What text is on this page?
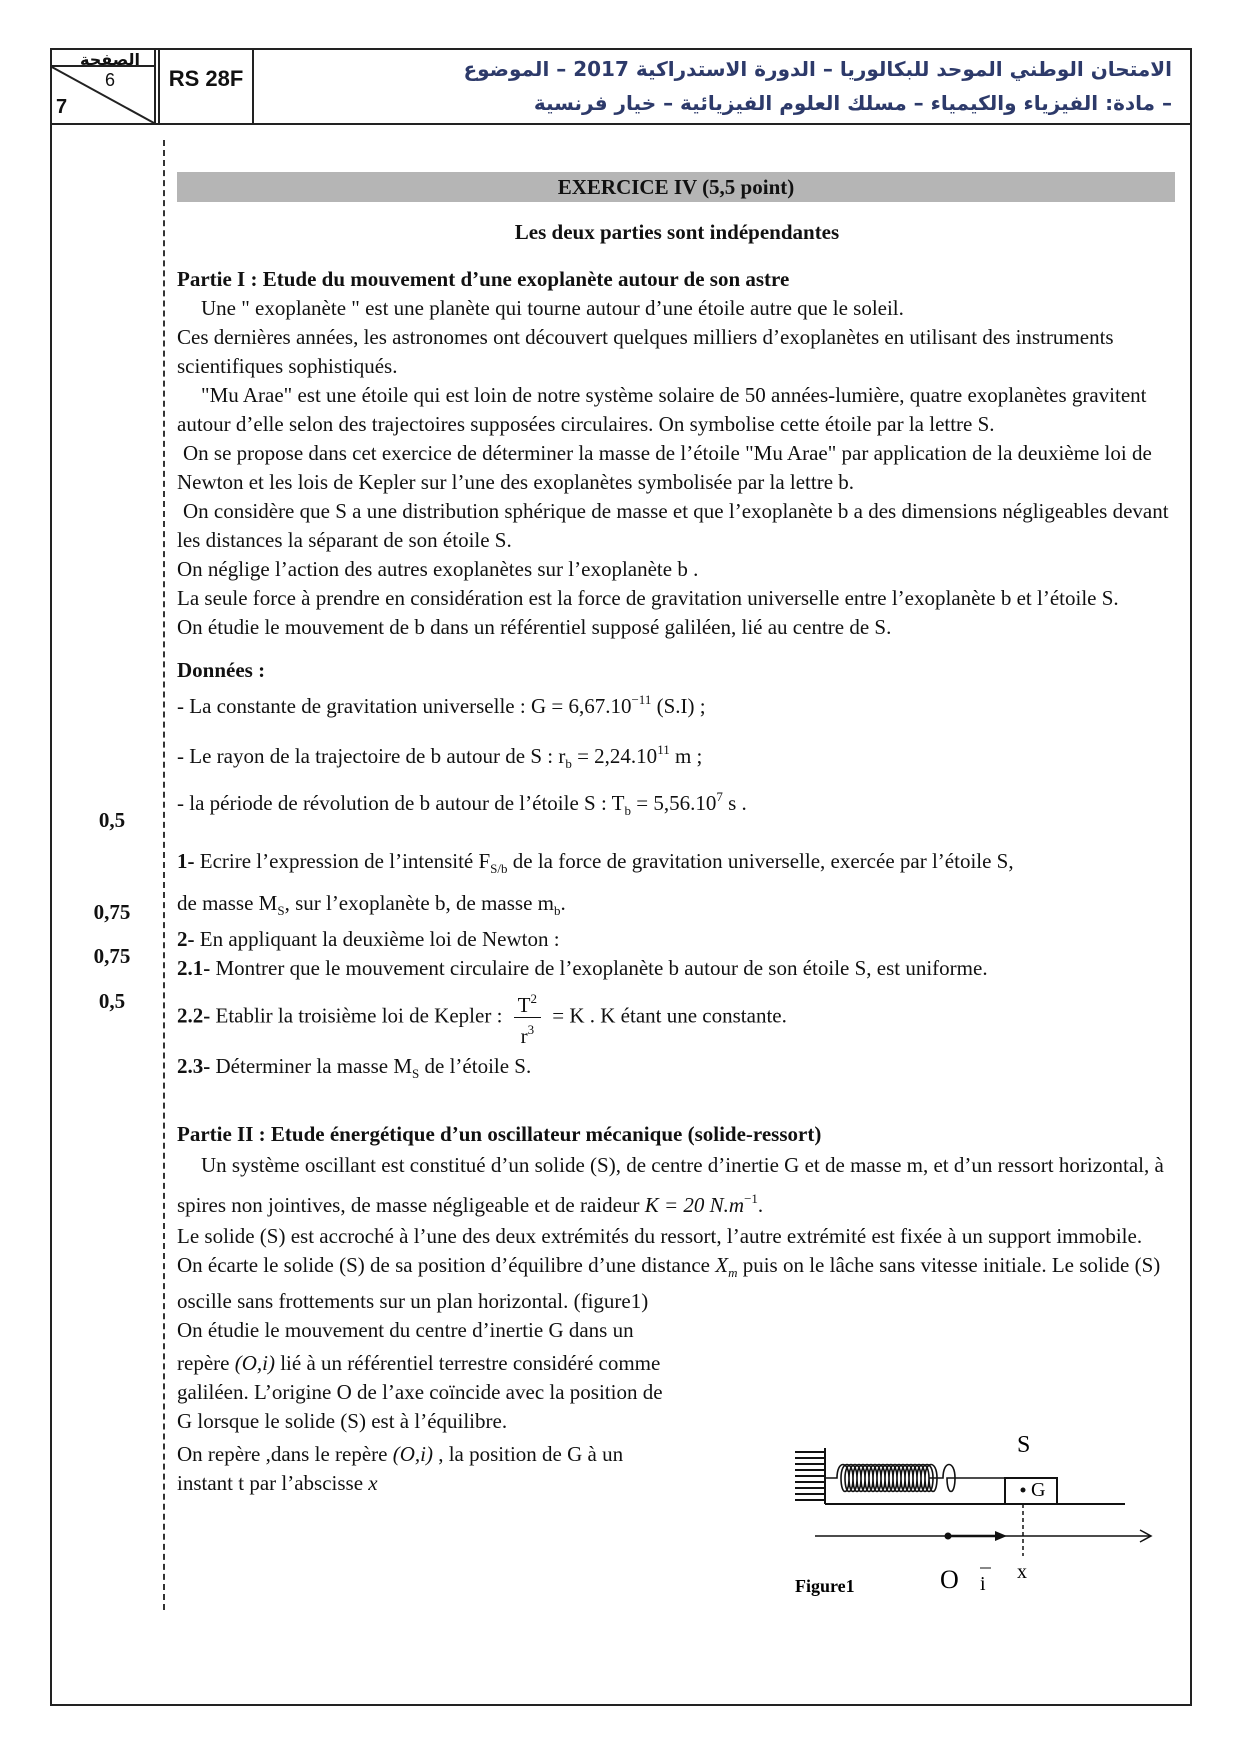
الصفحة
6
7
RS 28F	الامتحان الوطني الموحد للبكالوريا – الدورة الاستدراكية 2017 – الموضوع
– مادة: الفيزياء والكيمياء – مسلك العلوم الفيزيائية – خيار فرنسية
0,5
0,75
0,75
0,5
EXERCICE IV (5,5 point)
Les deux parties sont indépendantes
Partie I : Etude du mouvement d’une exoplanète autour de son astre

Une " exoplanète " est une planète qui tourne autour d’une étoile autre que le soleil.

Ces dernières années, les astronomes ont découvert quelques milliers d’exoplanètes en utilisant des instruments scientifiques sophistiqués.

"Mu Arae" est une étoile qui est loin de notre système solaire de 50 années-lumière, quatre exoplanètes gravitent autour d’elle selon des trajectoires supposées circulaires. On symbolise cette étoile par la lettre S.

On se propose dans cet exercice de déterminer la masse de l’étoile "Mu Arae" par application de la deuxième loi de Newton et les lois de Kepler sur l’une des exoplanètes symbolisée par la lettre b.

On considère que S a une distribution sphérique de masse et que l’exoplanète b a des dimensions négligeables devant les distances la séparant de son étoile S.

On néglige l’action des autres exoplanètes sur l’exoplanète b .

La seule force à prendre en considération est la force de gravitation universelle entre l’exoplanète b et l’étoile S.

On étudie le mouvement de b dans un référentiel supposé galiléen, lié au centre de S.

Données :

- La constante de gravitation universelle : $G = 6,67.10^{-11}$ (S.I) ;

- Le rayon de la trajectoire de b autour de S : $r_b = 2,24.10^{11}$ m ;

- la période de révolution de b autour de l’étoile S : $T_b = 5,56.10^7$ s .

1- Ecrire l’expression de l’intensité $F_{S/b}$ de la force de gravitation universelle, exercée par l’étoile S,

de masse $M_S$, sur l’exoplanète b, de masse $m_b$.

2- En appliquant la deuxième loi de Newton :

2.1- Montrer que le mouvement circulaire de l’exoplanète b autour de son étoile S, est uniforme.

2.2- Etablir la troisième loi de Kepler : $\frac{T^2}{r^3} = K$ . K étant une constante.

2.3- Déterminer la masse $M_S$ de l’étoile S.

Partie II : Etude énergétique d’un oscillateur mécanique (solide-ressort)

Un système oscillant est constitué d’un solide (S), de centre d’inertie G et de masse m, et d’un ressort horizontal, à spires non jointives, de masse négligeable et de raideur K = 20 $N.m^{-1}$.

Le solide (S) est accroché à l’une des deux extrémités du ressort, l’autre extrémité est fixée à un support immobile.

On écarte le solide (S) de sa position d’équilibre d’une distance $X_m$ puis on le lâche sans vitesse initiale. Le solide (S) oscille sans frottements sur un plan horizontal. (figure1)

On étudie le mouvement du centre d’inertie G dans un

repère (O,i) lié à un référentiel terrestre considéré comme

galiléen. L’origine O de l’axe coïncide avec la position de

G lorsque le solide (S) est à l’équilibre.

On repère ,dans le repère (O,i) , la position de G à un

instant t par l’abscisse x	G
S
Figure1	O i
x
